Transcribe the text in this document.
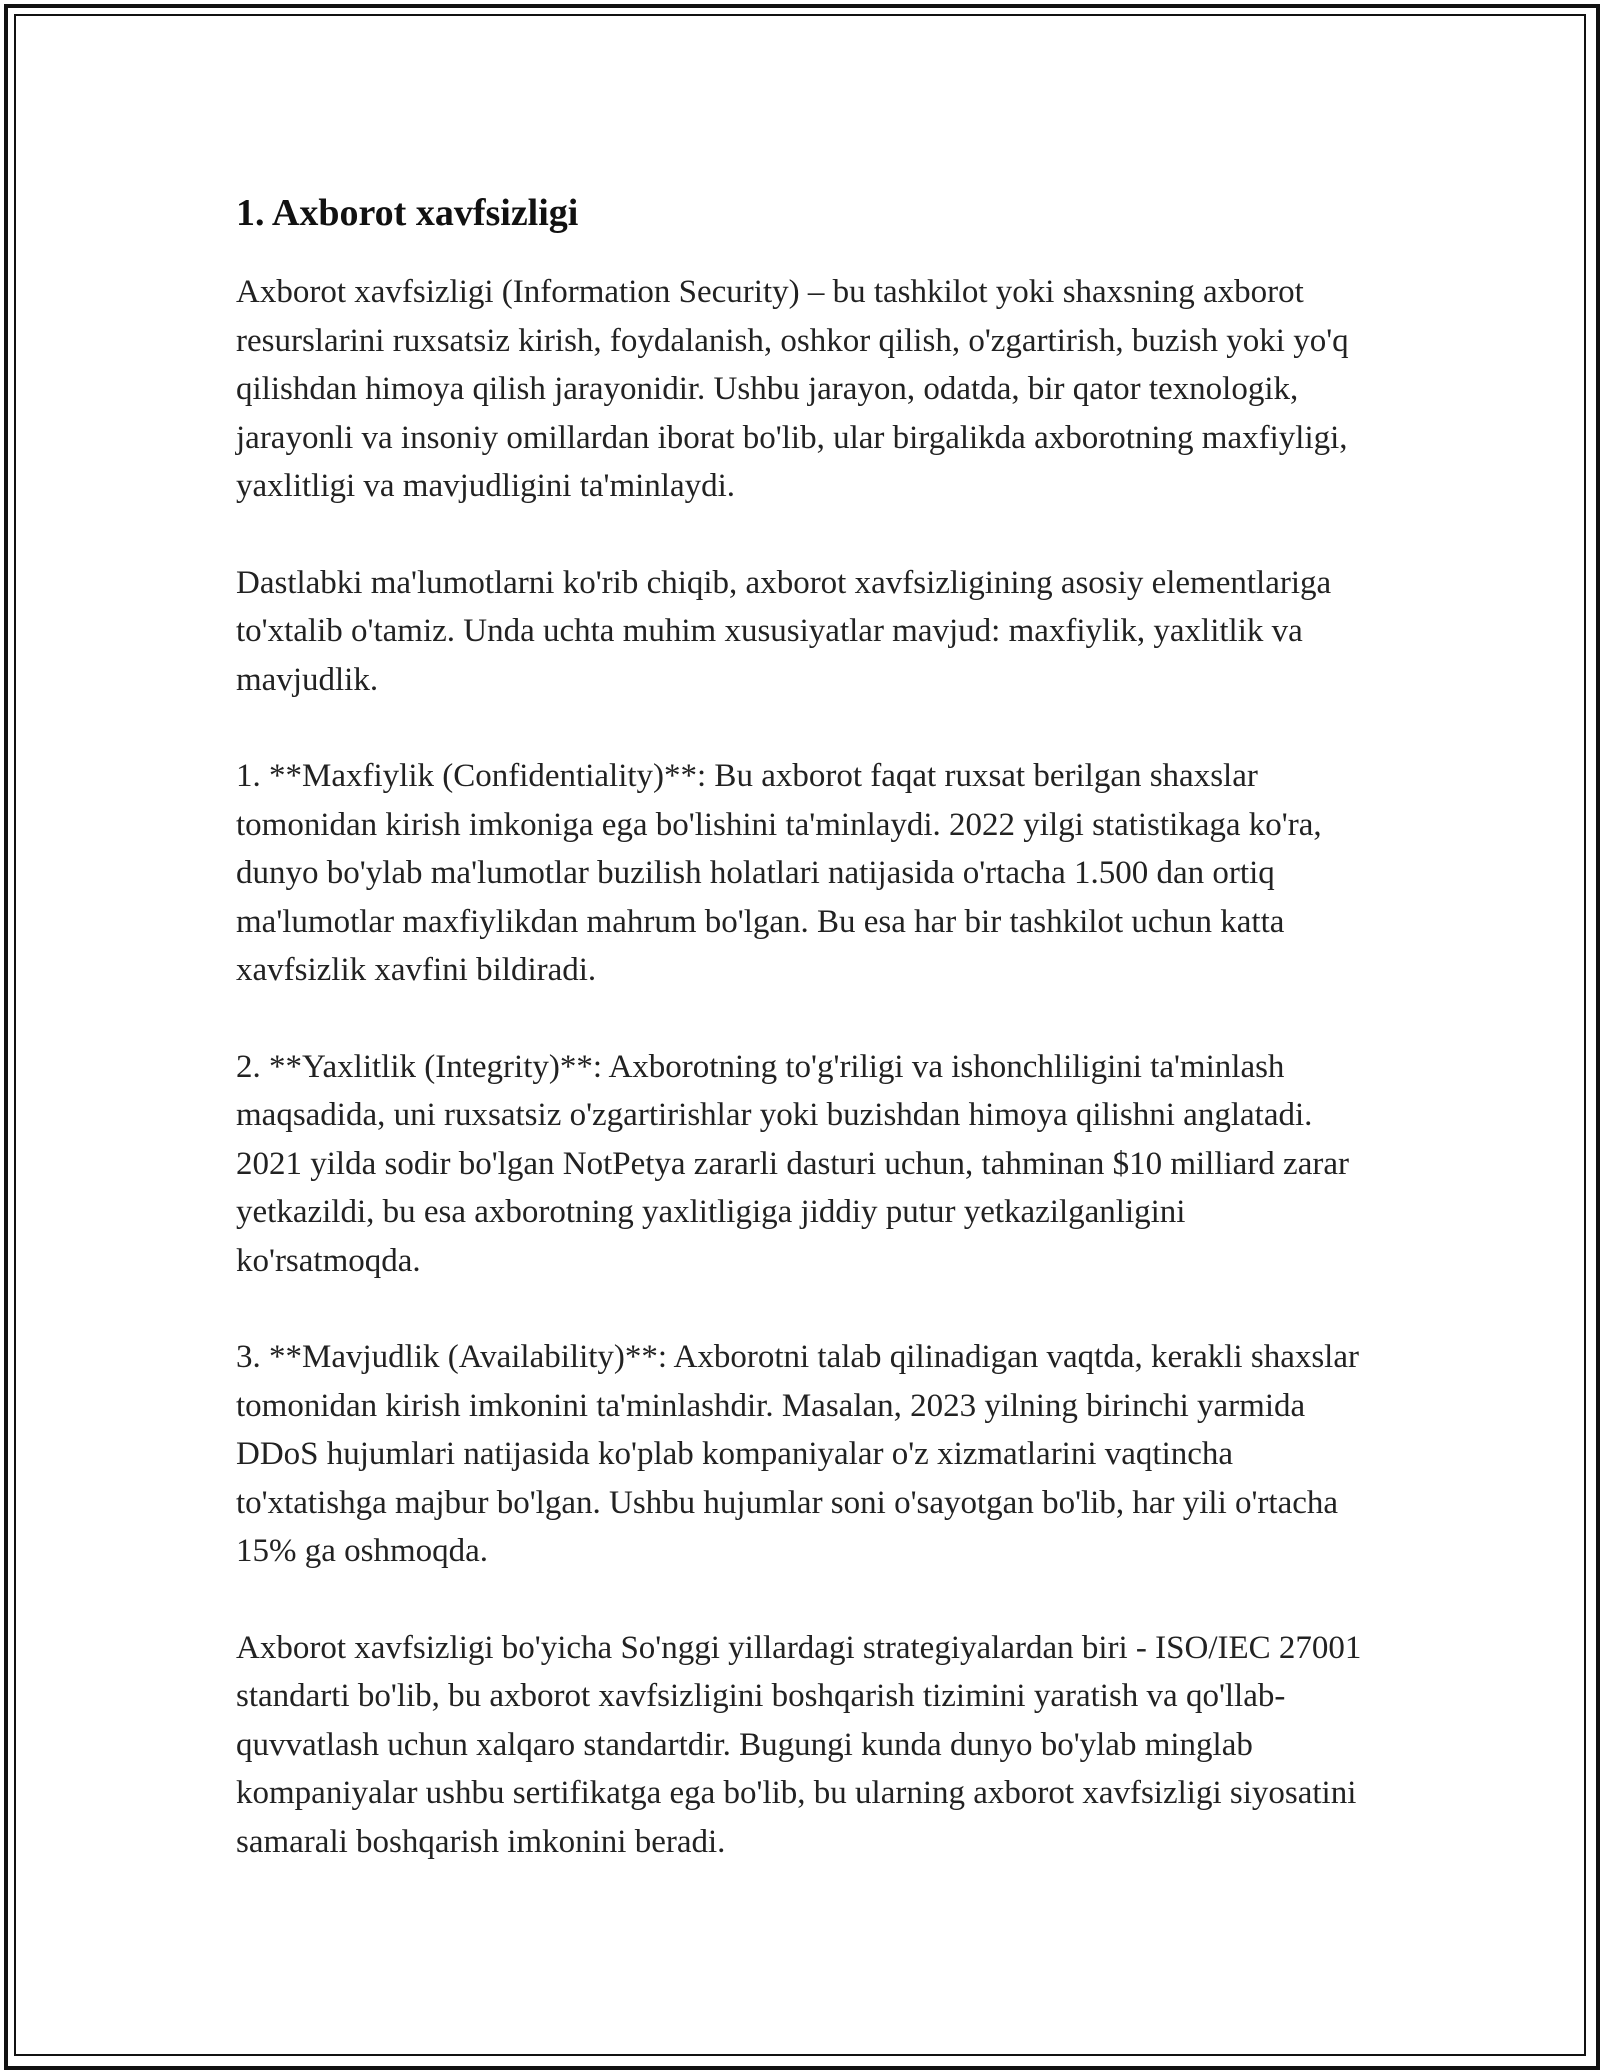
1. Axborot xavfsizligi

Axborot xavfsizligi (Information Security) – bu tashkilot yoki shaxsning axborot resurslarini ruxsatsiz kirish, foydalanish, oshkor qilish, o'zgartirish, buzish yoki yo'q qilishdan himoya qilish jarayonidir. Ushbu jarayon, odatda, bir qator texnologik, jarayonli va insoniy omillardan iborat bo'lib, ular birgalikda axborotning maxfiyligi, yaxlitligi va mavjudligini ta'minlaydi.

Dastlabki ma'lumotlarni ko'rib chiqib, axborot xavfsizligining asosiy elementlariga to'xtalib o'tamiz. Unda uchta muhim xususiyatlar mavjud: maxfiylik, yaxlitlik va mavjudlik.

1. **Maxfiylik (Confidentiality)**: Bu axborot faqat ruxsat berilgan shaxslar tomonidan kirish imkoniga ega bo'lishini ta'minlaydi. 2022 yilgi statistikaga ko'ra, dunyo bo'ylab ma'lumotlar buzilish holatlari natijasida o'rtacha 1.500 dan ortiq ma'lumotlar maxfiylikdan mahrum bo'lgan. Bu esa har bir tashkilot uchun katta xavfsizlik xavfini bildiradi.

2. **Yaxlitlik (Integrity)**: Axborotning to'g'riligi va ishonchliligini ta'minlash maqsadida, uni ruxsatsiz o'zgartirishlar yoki buzishdan himoya qilishni anglatadi. 2021 yilda sodir bo'lgan NotPetya zararli dasturi uchun, tahminan $10 milliard zarar yetkazildi, bu esa axborotning yaxlitligiga jiddiy putur yetkazilganligini ko'rsatmoqda.

3. **Mavjudlik (Availability)**: Axborotni talab qilinadigan vaqtda, kerakli shaxslar tomonidan kirish imkonini ta'minlashdir. Masalan, 2023 yilning birinchi yarmida DDoS hujumlari natijasida ko'plab kompaniyalar o'z xizmatlarini vaqtincha to'xtatishga majbur bo'lgan. Ushbu hujumlar soni o'sayotgan bo'lib, har yili o'rtacha 15% ga oshmoqda.

Axborot xavfsizligi bo'yicha So'nggi yillardagi strategiyalardan biri - ISO/IEC 27001 standarti bo'lib, bu axborot xavfsizligini boshqarish tizimini yaratish va qo'llab-quvvatlash uchun xalqaro standartdir. Bugungi kunda dunyo bo'ylab minglab kompaniyalar ushbu sertifikatga ega bo'lib, bu ularning axborot xavfsizligi siyosatini samarali boshqarish imkonini beradi.
